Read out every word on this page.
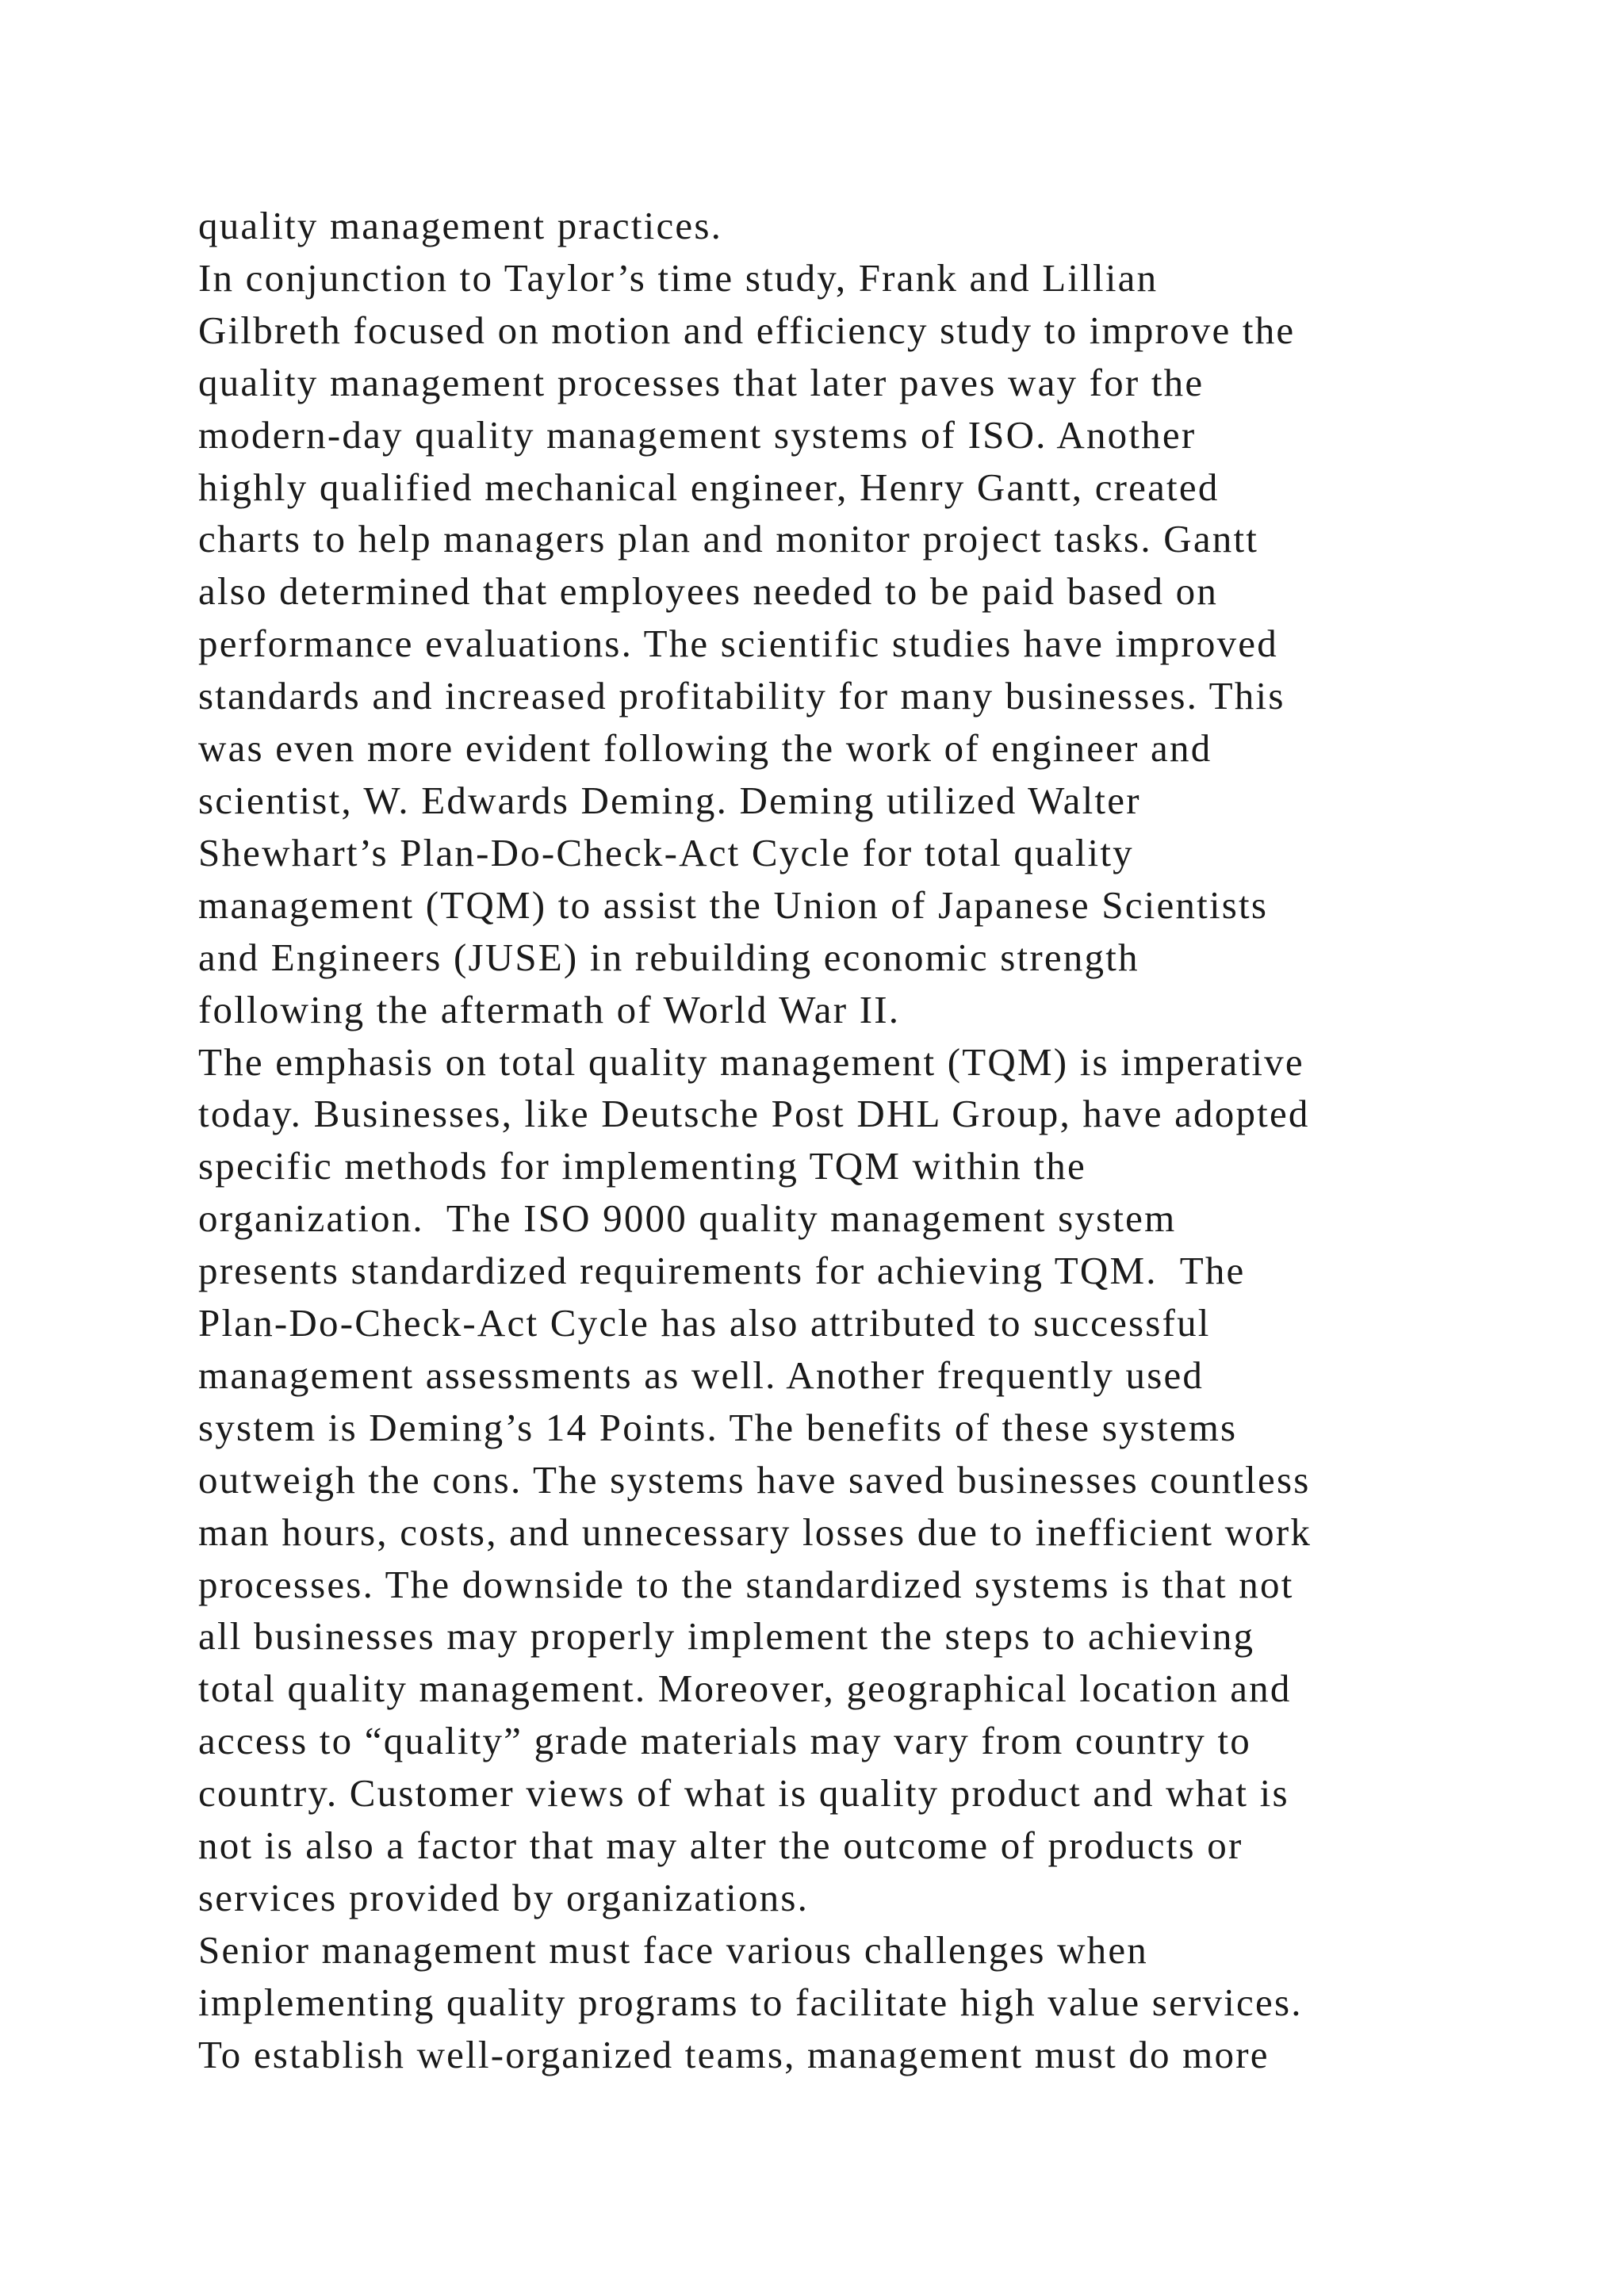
quality management practices.
In conjunction to Taylor’s time study, Frank and Lillian
Gilbreth focused on motion and efficiency study to improve the
quality management processes that later paves way for the
modern-day quality management systems of ISO. Another
highly qualified mechanical engineer, Henry Gantt, created
charts to help managers plan and monitor project tasks. Gantt
also determined that employees needed to be paid based on
performance evaluations. The scientific studies have improved
standards and increased profitability for many businesses. This
was even more evident following the work of engineer and
scientist, W. Edwards Deming. Deming utilized Walter
Shewhart’s Plan-Do-Check-Act Cycle for total quality
management (TQM) to assist the Union of Japanese Scientists
and Engineers (JUSE) in rebuilding economic strength
following the aftermath of World War II.
The emphasis on total quality management (TQM) is imperative
today. Businesses, like Deutsche Post DHL Group, have adopted
specific methods for implementing TQM within the
organization.  The ISO 9000 quality management system
presents standardized requirements for achieving TQM.  The
Plan-Do-Check-Act Cycle has also attributed to successful
management assessments as well. Another frequently used
system is Deming’s 14 Points. The benefits of these systems
outweigh the cons. The systems have saved businesses countless
man hours, costs, and unnecessary losses due to inefficient work
processes. The downside to the standardized systems is that not
all businesses may properly implement the steps to achieving
total quality management. Moreover, geographical location and
access to “quality” grade materials may vary from country to
country. Customer views of what is quality product and what is
not is also a factor that may alter the outcome of products or
services provided by organizations.
Senior management must face various challenges when
implementing quality programs to facilitate high value services.
To establish well-organized teams, management must do more
